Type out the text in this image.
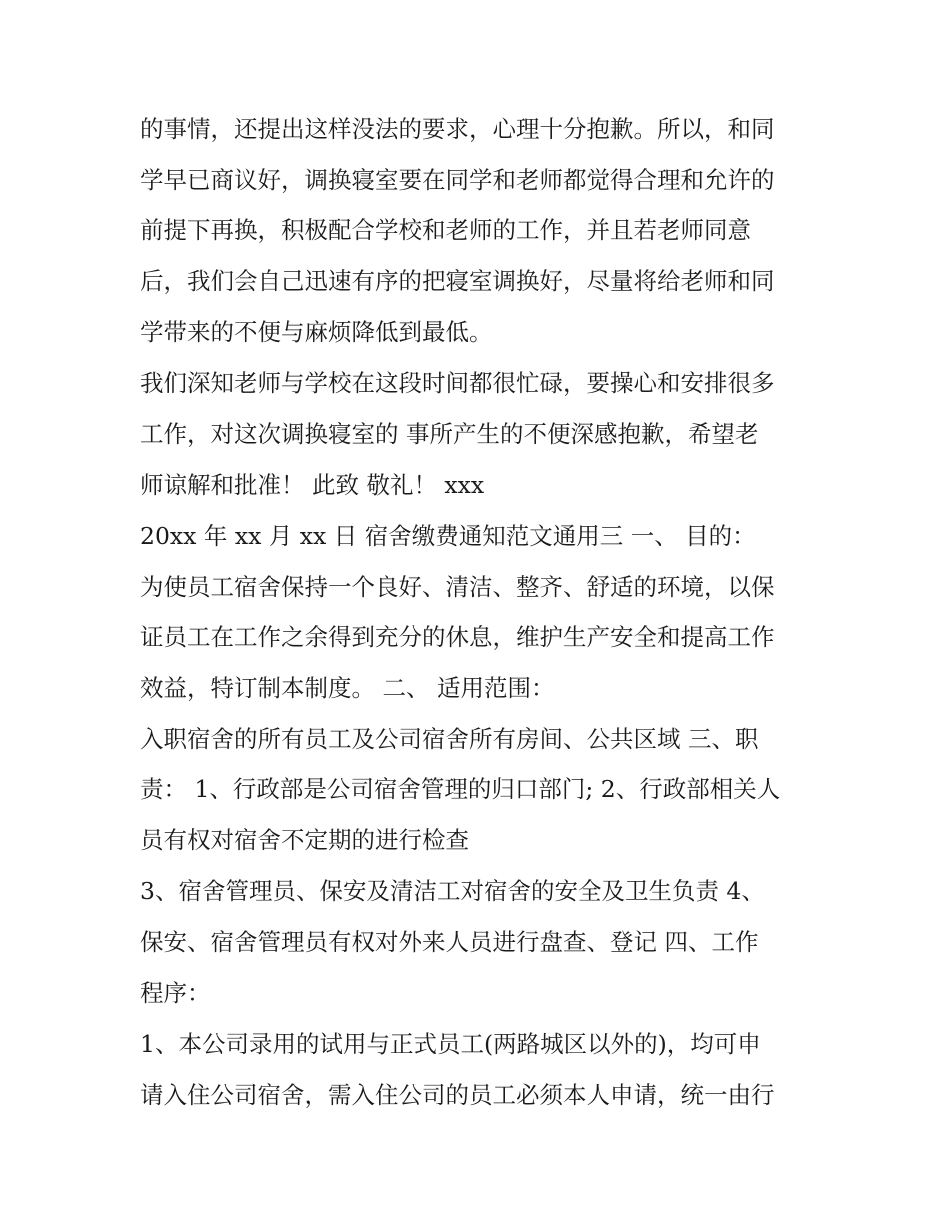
的事情，还提出这样没法的要求，心理十分抱歉。所以，和同

学早已商议好，调换寝室要在同学和老师都觉得合理和允许的

前提下再换，积极配合学校和老师的工作，并且若老师同意

后，我们会自己迅速有序的把寝室调换好，尽量将给老师和同

学带来的不便与麻烦降低到最低。

我们深知老师与学校在这段时间都很忙碌，要操心和安排很多

工作，对这次调换寝室的 事所产生的不便深感抱歉，希望老

师谅解和批准！ 此致 敬礼！ xxx

20xx 年 xx 月 xx 日 宿舍缴费通知范文通用三 一、 目的：

为使员工宿舍保持一个良好、清洁、整齐、舒适的环境，以保

证员工在工作之余得到充分的休息，维护生产安全和提高工作

效益，特订制本制度。 二、 适用范围：

入职宿舍的所有员工及公司宿舍所有房间、公共区域 三、职

责： 1、行政部是公司宿舍管理的归口部门; 2、行政部相关人

员有权对宿舍不定期的进行检查

3、宿舍管理员、保安及清洁工对宿舍的安全及卫生负责 4、

保安、宿舍管理员有权对外来人员进行盘查、登记 四、工作

程序：

1、本公司录用的试用与正式员工(两路城区以外的)，均可申

请入住公司宿舍，需入住公司的员工必须本人申请，统一由行
